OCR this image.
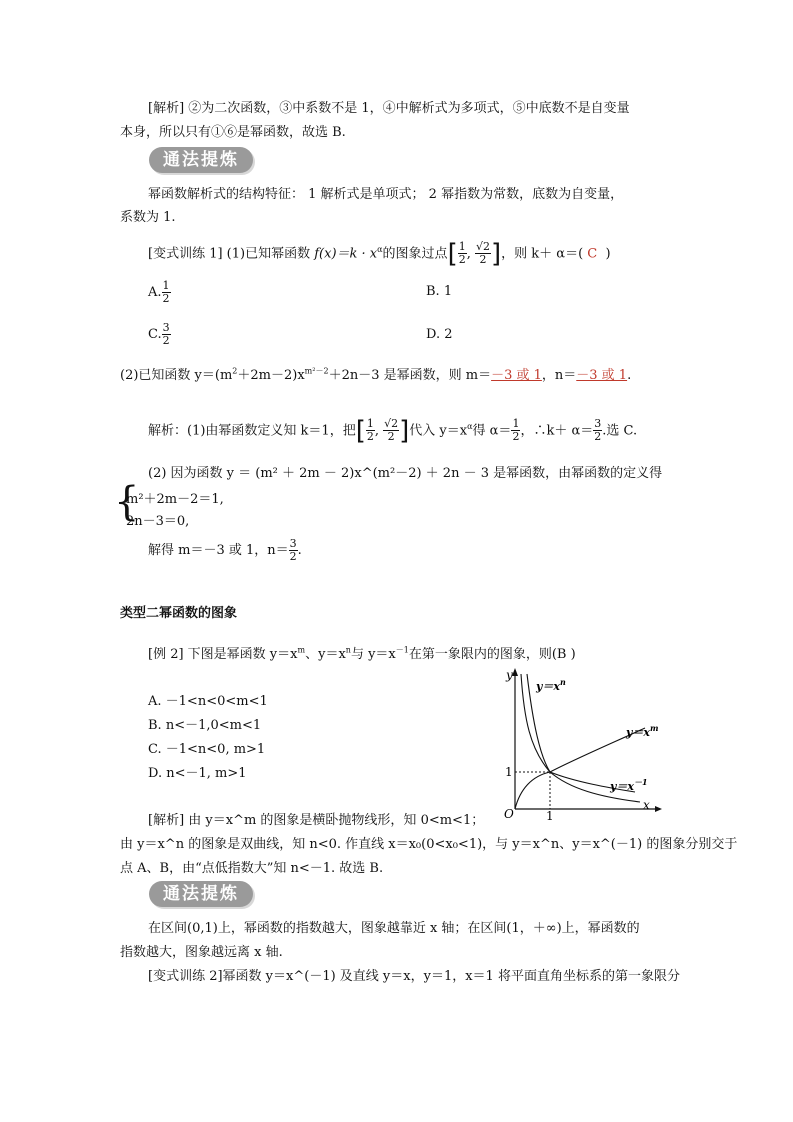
[解析] ②为二次函数，③中系数不是 1，④中解析式为多项式，⑤中底数不是自变量
本身，所以只有①⑥是幂函数，故选 B.
通法提炼
幂函数解析式的结构特征： 1 解析式是单项式； 2 幂指数为常数，底数为自变量，
系数为 1.
[变式训练 1] (1)已知幂函数 $f(x)=k \cdot x^\alpha$的图象过点[ $\frac{1}{2}$ , $\frac{√2}{2}$ ]，则 k＋ α＝( C )
A. $\frac{1}{2}$	B. 1
C. $\frac{3}{2}$	D. 2
(2)已知函数 $y=(m^2+2m-2)x^{m^2-2}+2n-3$ 是幂函数，则 m＝－3 或 1，n＝－3 或 1.
解析：(1)由幂函数定义知 k＝1，把[ $\frac{1}{2}$ , $\frac{√2}{2}$ ]代入 $y=x^\alpha$得 $\alpha= \frac{1}{2}$ ，∴k＋ $\alpha= \frac{3}{2}$ .选 C.
(2) 因为函数 y ＝ (m² ＋ 2m － 2)x^(m²－2) ＋ 2n － 3 是幂函数，由幂函数的定义得
{
m²＋2m－2＝1,
2n－3＝0,
解得 m＝－3 或 1，$n= \frac{3}{2}$ .
类型二幂函数的图象
[例 2] 下图是幂函数 $y=x^m$、$y=x^n$与 $y=x^{-1}$在第一象限内的图象，则(B )
A. －1<n<0<m<1
B. n<－1,0<m<1
C. －1<n<0, m>1
D. n<－1, m>1
y
x
O	1
1
$y=x^n$
$y=x^m$
$y=x^{-1}$
[解析] 由 y＝x^m 的图象是横卧抛物线形，知 0<m<1；
由 y＝x^n 的图象是双曲线，知 n<0. 作直线 x＝x₀(0<x₀<1)，与 y＝x^n、y＝x^(－1) 的图象分别交于
点 A、B，由“点低指数大”知 n<－1. 故选 B.
通法提炼
在区间(0,1)上，幂函数的指数越大，图象越靠近 x 轴；在区间(1，＋∞)上，幂函数的
指数越大，图象越远离 x 轴.
[变式训练 2]幂函数 y＝x^(－1) 及直线 y＝x，y＝1，x＝1 将平面直角坐标系的第一象限分
